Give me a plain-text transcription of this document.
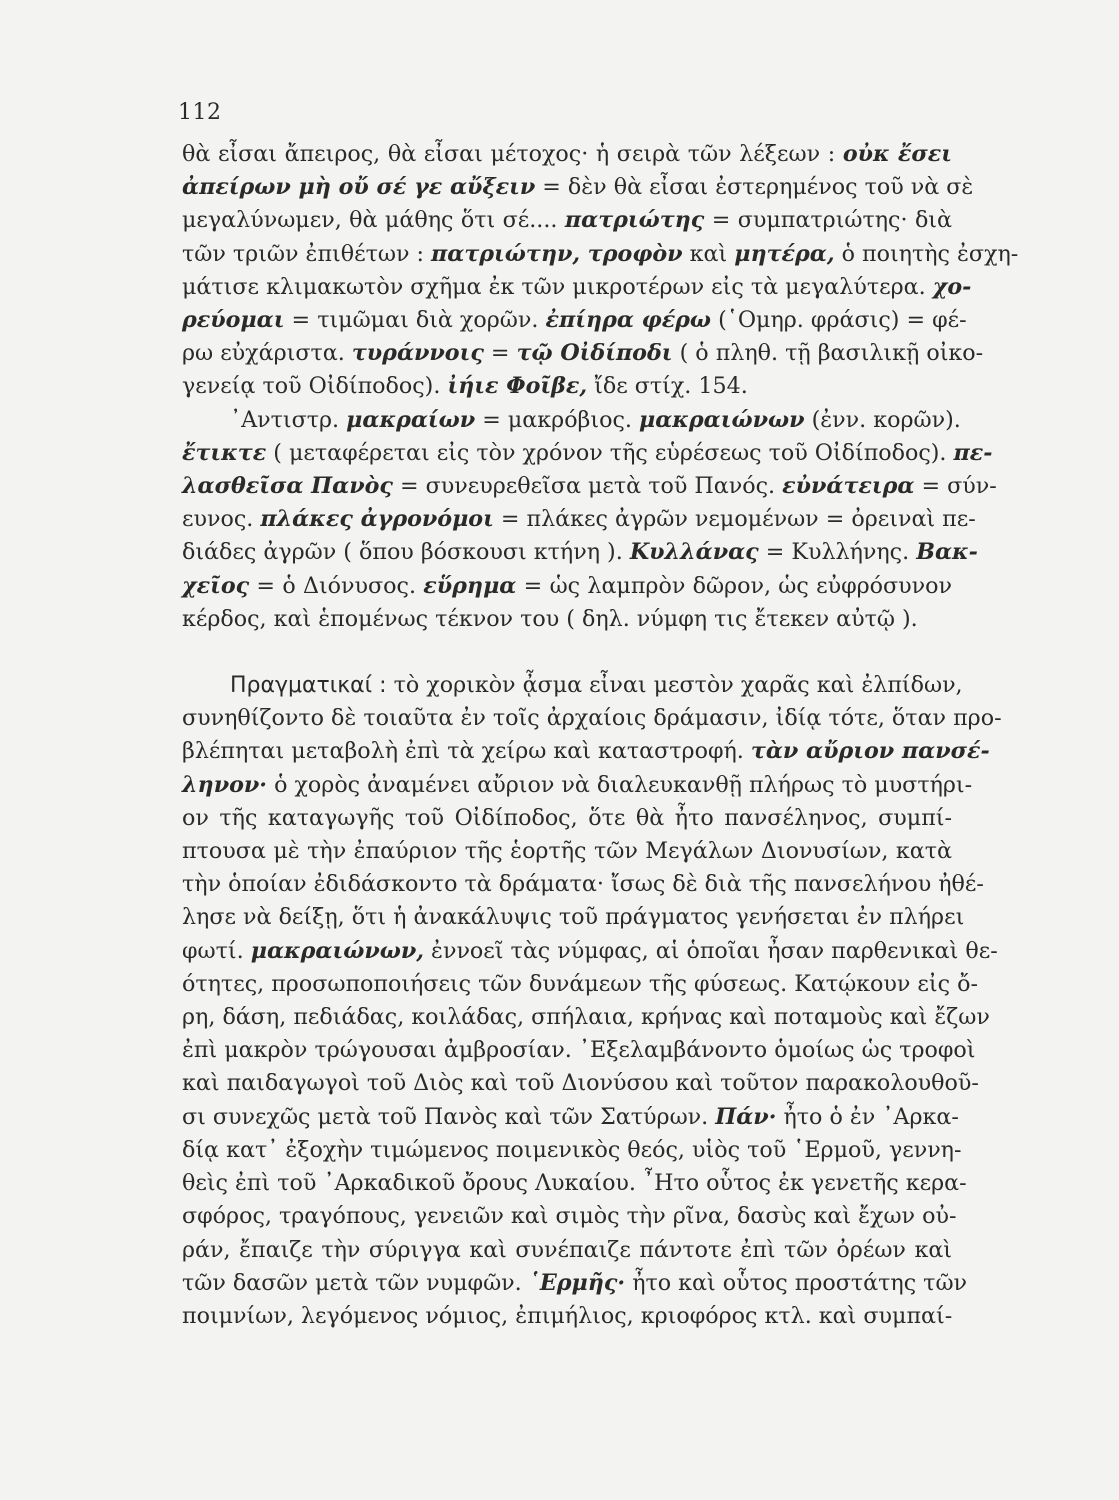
112
θὰ εἶσαι ἄπειρος, θὰ εἶσαι μέτοχος· ἡ σειρὰ τῶν λέξεων : οὐκ ἔσει
ἀπείρων μὴ οὔ σέ γε αὔξειν = δὲν θὰ εἶσαι ἐστερημένος τοῦ νὰ σὲ
μεγαλύνωμεν, θὰ μάθης ὅτι σέ.... πατριώτης = συμπατριώτης· διὰ
τῶν τριῶν ἐπιθέτων : πατριώτην, τροφὸν καὶ μητέρα, ὁ ποιητὴς ἐσχη-
μάτισε κλιμακωτὸν σχῆμα ἐκ τῶν μικροτέρων εἰς τὰ μεγαλύτερα. χο-
ρεύομαι = τιμῶμαι διὰ χορῶν. ἐπίηρα φέρω (῾Ομηρ. φράσις) = φέ-
ρω εὐχάριστα. τυράννοις = τῷ Οἰδίποδι ( ὁ πληθ. τῇ βασιλικῇ οἰκο-
γενείᾳ τοῦ Οἰδίποδος). ἰήιε Φοῖβε, ἴδε στίχ. 154.
᾿Αντιστρ. μακραίων = μακρόβιος. μακραιώνων (ἐνν. κορῶν).
ἔτικτε ( μεταφέρεται εἰς τὸν χρόνον τῆς εὑρέσεως τοῦ Οἰδίποδος). πε-
λασθεῖσα Πανὸς = συνευρεθεῖσα μετὰ τοῦ Πανός. εὐνάτειρα = σύν-
ευνος. πλάκες ἀγρονόμοι = πλάκες ἀγρῶν νεμομένων = ὀρειναὶ πε-
διάδες ἀγρῶν ( ὅπου βόσκουσι κτήνη ). Κυλλάνας = Κυλλήνης. Βακ-
χεῖος = ὁ Διόνυσος. εὕρημα = ὡς λαμπρὸν δῶρον, ὡς εὐφρόσυνον
κέρδος, καὶ ἑπομένως τέκνον του ( δηλ. νύμφη τις ἔτεκεν αὐτῷ ).
Πραγματικαί : τὸ χορικὸν ᾆσμα εἶναι μεστὸν χαρᾶς καὶ ἐλπίδων,
συνηθίζοντο δὲ τοιαῦτα ἐν τοῖς ἀρχαίοις δράμασιν, ἰδίᾳ τότε, ὅταν προ-
βλέπηται μεταβολὴ ἐπὶ τὰ χείρω καὶ καταστροφή. τὰν αὔριον πανσέ-
ληνον· ὁ χορὸς ἀναμένει αὔριον νὰ διαλευκανθῇ πλήρως τὸ μυστήρι-
ον τῆς καταγωγῆς τοῦ Οἰδίποδος, ὅτε θὰ ἦτο πανσέληνος, συμπί-
πτουσα μὲ τὴν ἐπαύριον τῆς ἑορτῆς τῶν Μεγάλων Διονυσίων, κατὰ
τὴν ὁποίαν ἐδιδάσκοντο τὰ δράματα· ἴσως δὲ διὰ τῆς πανσελήνου ἠθέ-
λησε νὰ δείξῃ, ὅτι ἡ ἀνακάλυψις τοῦ πράγματος γενήσεται ἐν πλήρει
φωτί. μακραιώνων, ἐννοεῖ τὰς νύμφας, αἱ ὁποῖαι ἦσαν παρθενικαὶ θε-
ότητες, προσωποποιήσεις τῶν δυνάμεων τῆς φύσεως. Κατῴκουν εἰς ὄ-
ρη, δάση, πεδιάδας, κοιλάδας, σπήλαια, κρήνας καὶ ποταμοὺς καὶ ἔζων
ἐπὶ μακρὸν τρώγουσαι ἀμβροσίαν. ᾿Εξελαμβάνοντο ὁμοίως ὡς τροφοὶ
καὶ παιδαγωγοὶ τοῦ Διὸς καὶ τοῦ Διονύσου καὶ τοῦτον παρακολουθοῦ-
σι συνεχῶς μετὰ τοῦ Πανὸς καὶ τῶν Σατύρων. Πάν· ἦτο ὁ ἐν ᾿Αρκα-
δίᾳ κατ᾿ ἐξοχὴν τιμώμενος ποιμενικὸς θεός, υἱὸς τοῦ ῾Ερμοῦ, γεννη-
θεὶς ἐπὶ τοῦ ᾿Αρκαδικοῦ ὄρους Λυκαίου. ῏Ητο οὗτος ἐκ γενετῆς κερα-
σφόρος, τραγόπους, γενειῶν καὶ σιμὸς τὴν ρῖνα, δασὺς καὶ ἔχων οὐ-
ράν, ἔπαιζε τὴν σύριγγα καὶ συνέπαιζε πάντοτε ἐπὶ τῶν ὀρέων καὶ
τῶν δασῶν μετὰ τῶν νυμφῶν. ῾Ερμῆς· ἦτο καὶ οὗτος προστάτης τῶν
ποιμνίων, λεγόμενος νόμιος, ἐπιμήλιος, κριοφόρος κτλ. καὶ συμπαί-
